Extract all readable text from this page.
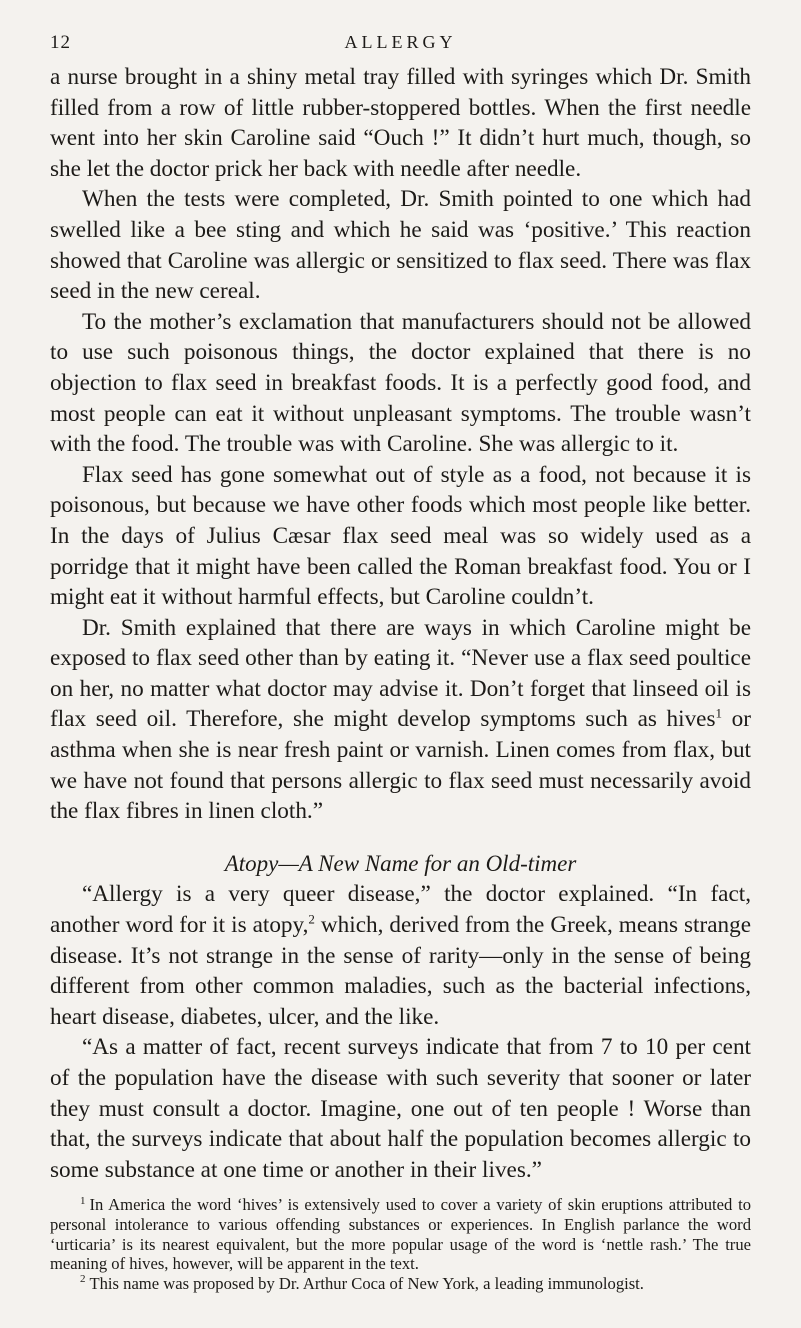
12	ALLERGY

a nurse brought in a shiny metal tray filled with syringes which Dr. Smith filled from a row of little rubber-stoppered bottles. When the first needle went into her skin Caroline said “Ouch !” It didn’t hurt much, though, so she let the doctor prick her back with needle after needle.

When the tests were completed, Dr. Smith pointed to one which had swelled like a bee sting and which he said was ‘positive.’ This reaction showed that Caroline was allergic or sensitized to flax seed. There was flax seed in the new cereal.

To the mother’s exclamation that manufacturers should not be allowed to use such poisonous things, the doctor explained that there is no objection to flax seed in breakfast foods. It is a perfectly good food, and most people can eat it without unpleasant symptoms. The trouble wasn’t with the food. The trouble was with Caroline. She was allergic to it.

Flax seed has gone somewhat out of style as a food, not because it is poisonous, but because we have other foods which most people like better. In the days of Julius Cæsar flax seed meal was so widely used as a porridge that it might have been called the Roman breakfast food. You or I might eat it without harmful effects, but Caroline couldn’t.

Dr. Smith explained that there are ways in which Caroline might be exposed to flax seed other than by eating it. “Never use a flax seed poultice on her, no matter what doctor may advise it. Don’t forget that linseed oil is flax seed oil. Therefore, she might develop symptoms such as hives$^1$ or asthma when she is near fresh paint or varnish. Linen comes from flax, but we have not found that persons allergic to flax seed must necessarily avoid the flax fibres in linen cloth.”

Atopy—A New Name for an Old-timer

“Allergy is a very queer disease,” the doctor explained. “In fact, another word for it is atopy,$^2$ which, derived from the Greek, means strange disease. It’s not strange in the sense of rarity—only in the sense of being different from other common maladies, such as the bacterial infections, heart disease, diabetes, ulcer, and the like.

“As a matter of fact, recent surveys indicate that from 7 to 10 per cent of the population have the disease with such severity that sooner or later they must consult a doctor. Imagine, one out of ten people ! Worse than that, the surveys indicate that about half the population becomes allergic to some substance at one time or another in their lives.”

$^1$ In America the word ‘hives’ is extensively used to cover a variety of skin eruptions attributed to personal intolerance to various offending substances or experiences. In English parlance the word ‘urticaria’ is its nearest equivalent, but the more popular usage of the word is ‘nettle rash.’ The true meaning of hives, however, will be apparent in the text.

$^2$ This name was proposed by Dr. Arthur Coca of New York, a leading immunologist.
